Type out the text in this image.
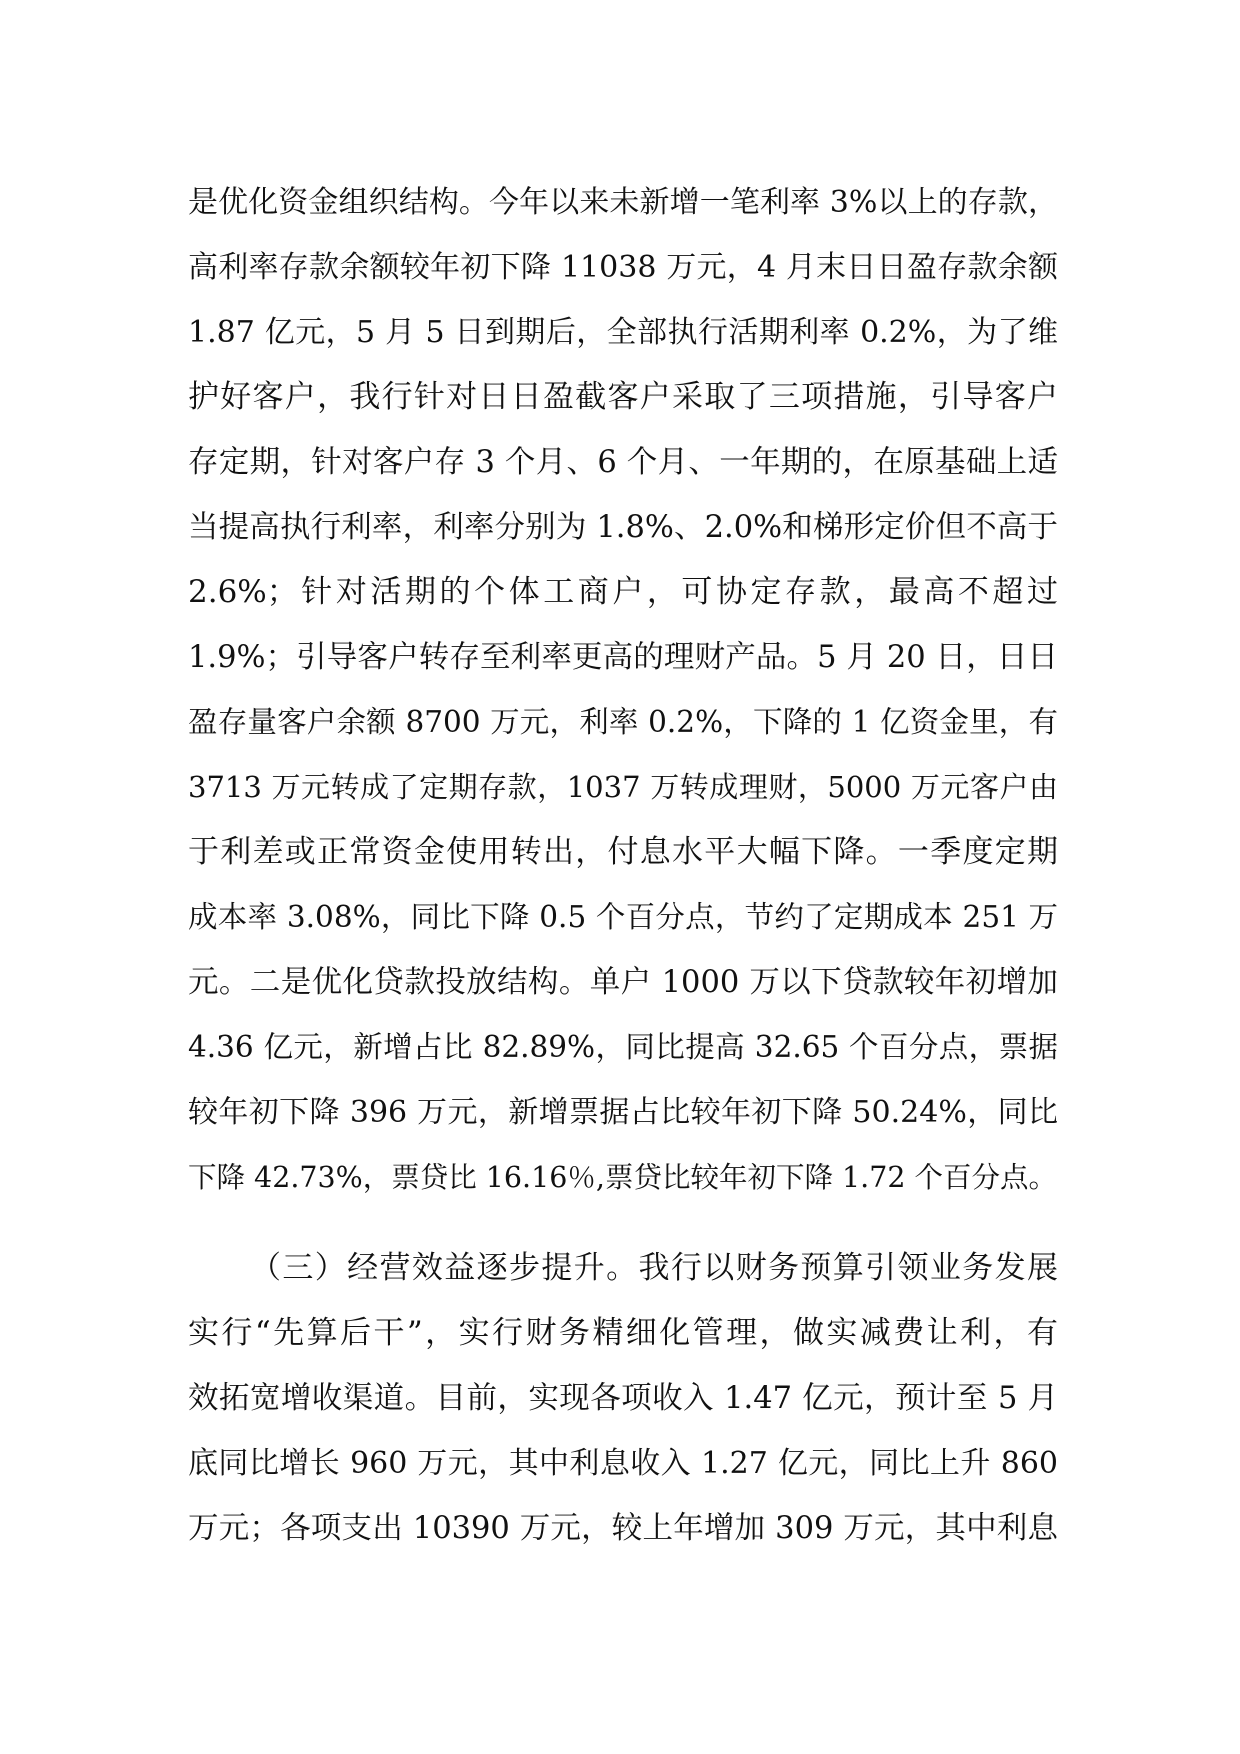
是优化资金组织结构。今年以来未新增一笔利率 3%以上的存款，
高利率存款余额较年初下降 11038 万元，4 月末日日盈存款余额
1.87 亿元，5 月 5 日到期后，全部执行活期利率 0.2%，为了维
护好客户，我行针对日日盈截客户采取了三项措施，引导客户
存定期，针对客户存 3 个月、6 个月、一年期的，在原基础上适
当提高执行利率，利率分别为 1.8%、2.0%和梯形定价但不高于
2.6%；针对活期的个体工商户，可协定存款，最高不超过
1.9%；引导客户转存至利率更高的理财产品。5 月 20 日，日日
盈存量客户余额 8700 万元，利率 0.2%，下降的 1 亿资金里，有
3713 万元转成了定期存款，1037 万转成理财，5000 万元客户由
于利差或正常资金使用转出，付息水平大幅下降。一季度定期
成本率 3.08%，同比下降 0.5 个百分点，节约了定期成本 251 万
元。二是优化贷款投放结构。单户 1000 万以下贷款较年初增加
4.36 亿元，新增占比 82.89%，同比提高 32.65 个百分点，票据
较年初下降 396 万元，新增票据占比较年初下降 50.24%，同比
下降 42.73%，票贷比 16.16％,票贷比较年初下降 1.72 个百分点。
（三）经营效益逐步提升。我行以财务预算引领业务发展
实行“先算后干”，实行财务精细化管理，做实减费让利，有
效拓宽增收渠道。目前，实现各项收入 1.47 亿元，预计至 5 月
底同比增长 960 万元，其中利息收入 1.27 亿元，同比上升 860
万元；各项支出 10390 万元，较上年增加 309 万元，其中利息
